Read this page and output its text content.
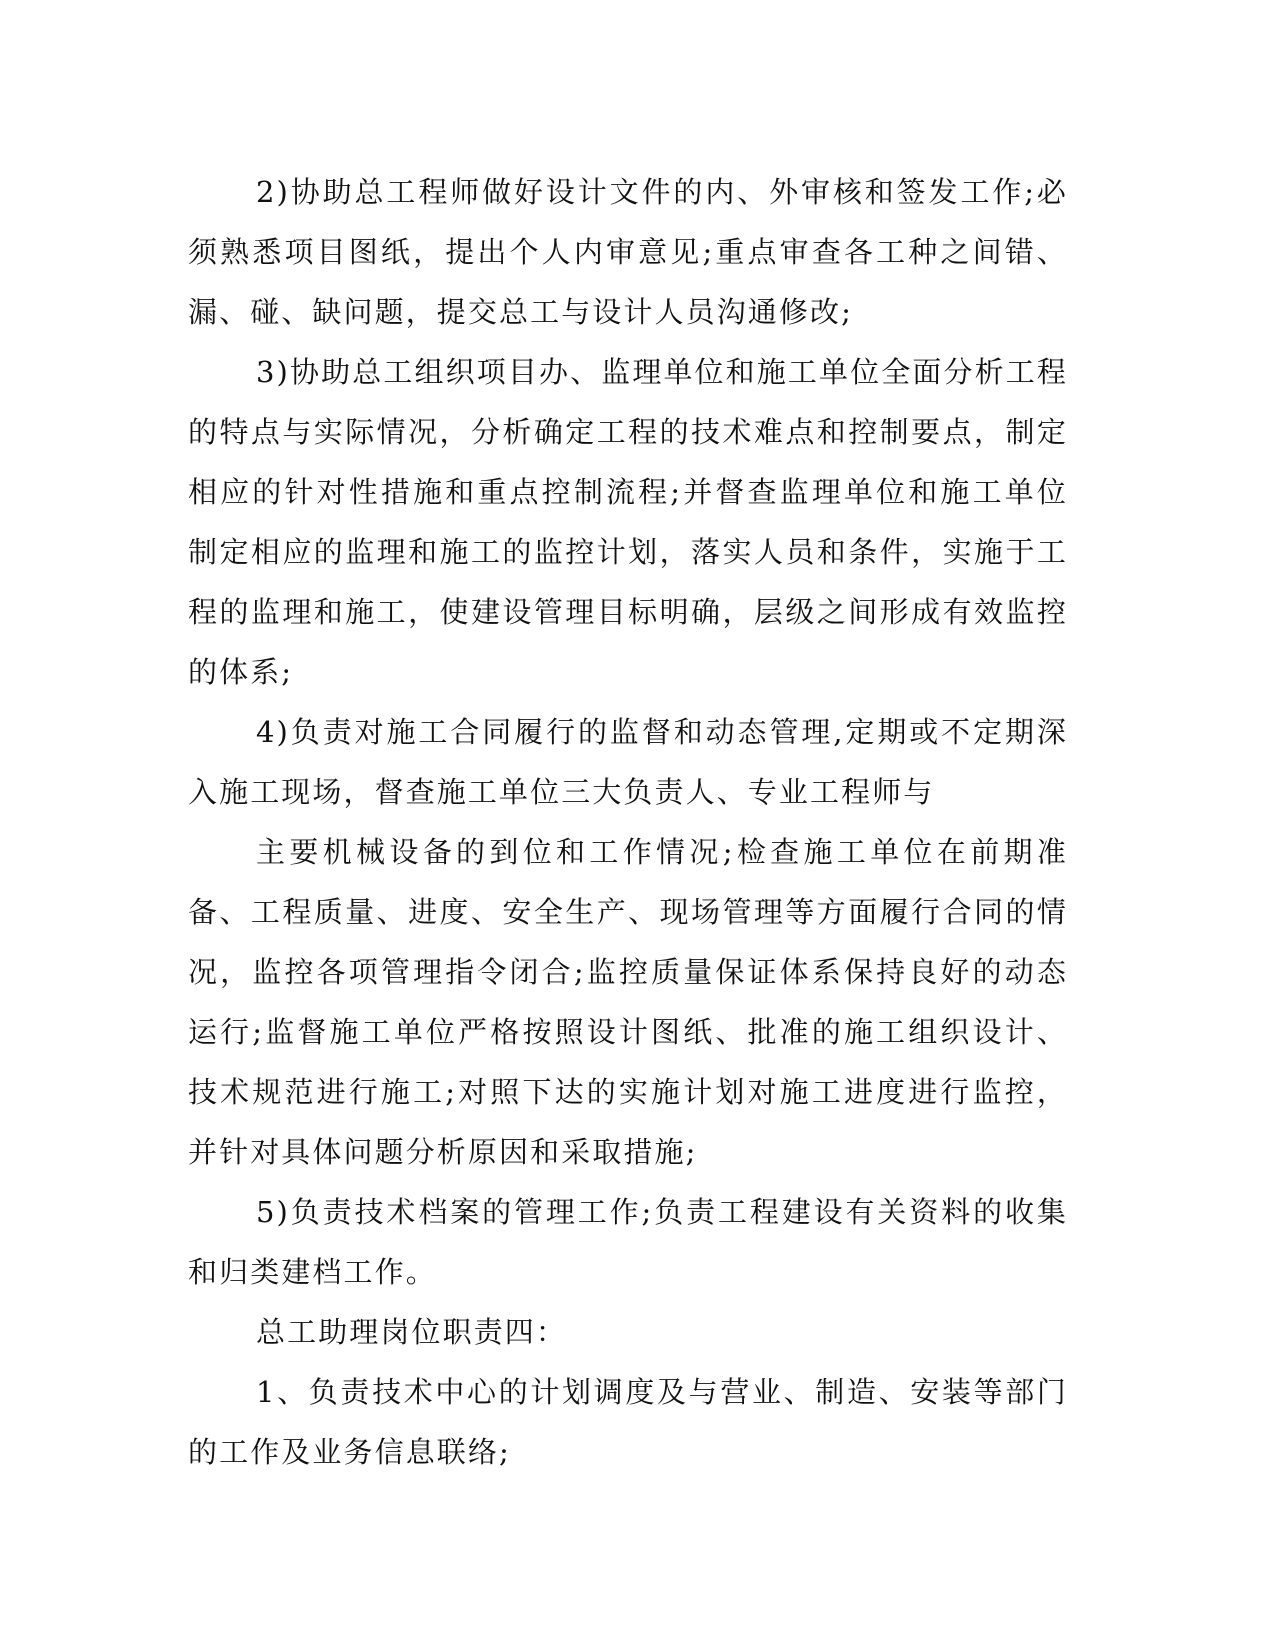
2)协助总工程师做好设计文件的内、外审核和签发工作;必须熟悉项目图纸，提出个人内审意见;重点审查各工种之间错、漏、碰、缺问题，提交总工与设计人员沟通修改;

3)协助总工组织项目办、监理单位和施工单位全面分析工程的特点与实际情况，分析确定工程的技术难点和控制要点，制定相应的针对性措施和重点控制流程;并督查监理单位和施工单位制定相应的监理和施工的监控计划，落实人员和条件，实施于工程的监理和施工，使建设管理目标明确，层级之间形成有效监控的体系;

4)负责对施工合同履行的监督和动态管理,定期或不定期深入施工现场，督查施工单位三大负责人、专业工程师与

主要机械设备的到位和工作情况;检查施工单位在前期准备、工程质量、进度、安全生产、现场管理等方面履行合同的情况，监控各项管理指令闭合;监控质量保证体系保持良好的动态运行;监督施工单位严格按照设计图纸、批准的施工组织设计、技术规范进行施工;对照下达的实施计划对施工进度进行监控，并针对具体问题分析原因和采取措施;

5)负责技术档案的管理工作;负责工程建设有关资料的收集和归类建档工作。

总工助理岗位职责四：

1、负责技术中心的计划调度及与营业、制造、安装等部门的工作及业务信息联络;
